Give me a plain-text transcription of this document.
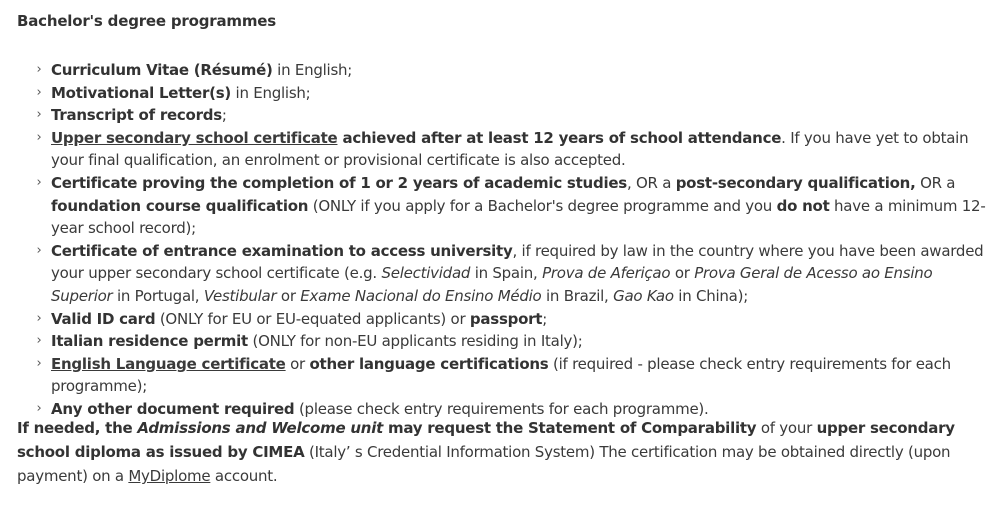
Bachelor's degree programmes
› Curriculum Vitae (Résumé) in English;
› Motivational Letter(s) in English;
› Transcript of records;
› Upper secondary school certificate achieved after at least 12 years of school attendance. If you have yet to obtain your final qualification, an enrolment or provisional certificate is also accepted.
› Certificate proving the completion of 1 or 2 years of academic studies, OR a post-secondary qualification, OR a foundation course qualification (ONLY if you apply for a Bachelor's degree programme and you do not have a minimum 12-year school record);
› Certificate of entrance examination to access university, if required by law in the country where you have been awarded your upper secondary school certificate (e.g. Selectividad in Spain, Prova de Aferiçao or Prova Geral de Acesso ao Ensino Superior in Portugal, Vestibular or Exame Nacional do Ensino Médio in Brazil, Gao Kao in China);
› Valid ID card (ONLY for EU or EU-equated applicants) or passport;
› Italian residence permit (ONLY for non-EU applicants residing in Italy);
› English Language certificate or other language certifications (if required - please check entry requirements for each programme);
› Any other document required (please check entry requirements for each programme).
If needed, the Admissions and Welcome unit may request the Statement of Comparability of your upper secondary school diploma as issued by CIMEA (Italy’ s Credential Information System) The certification may be obtained directly (upon payment) on a MyDiplome account.
